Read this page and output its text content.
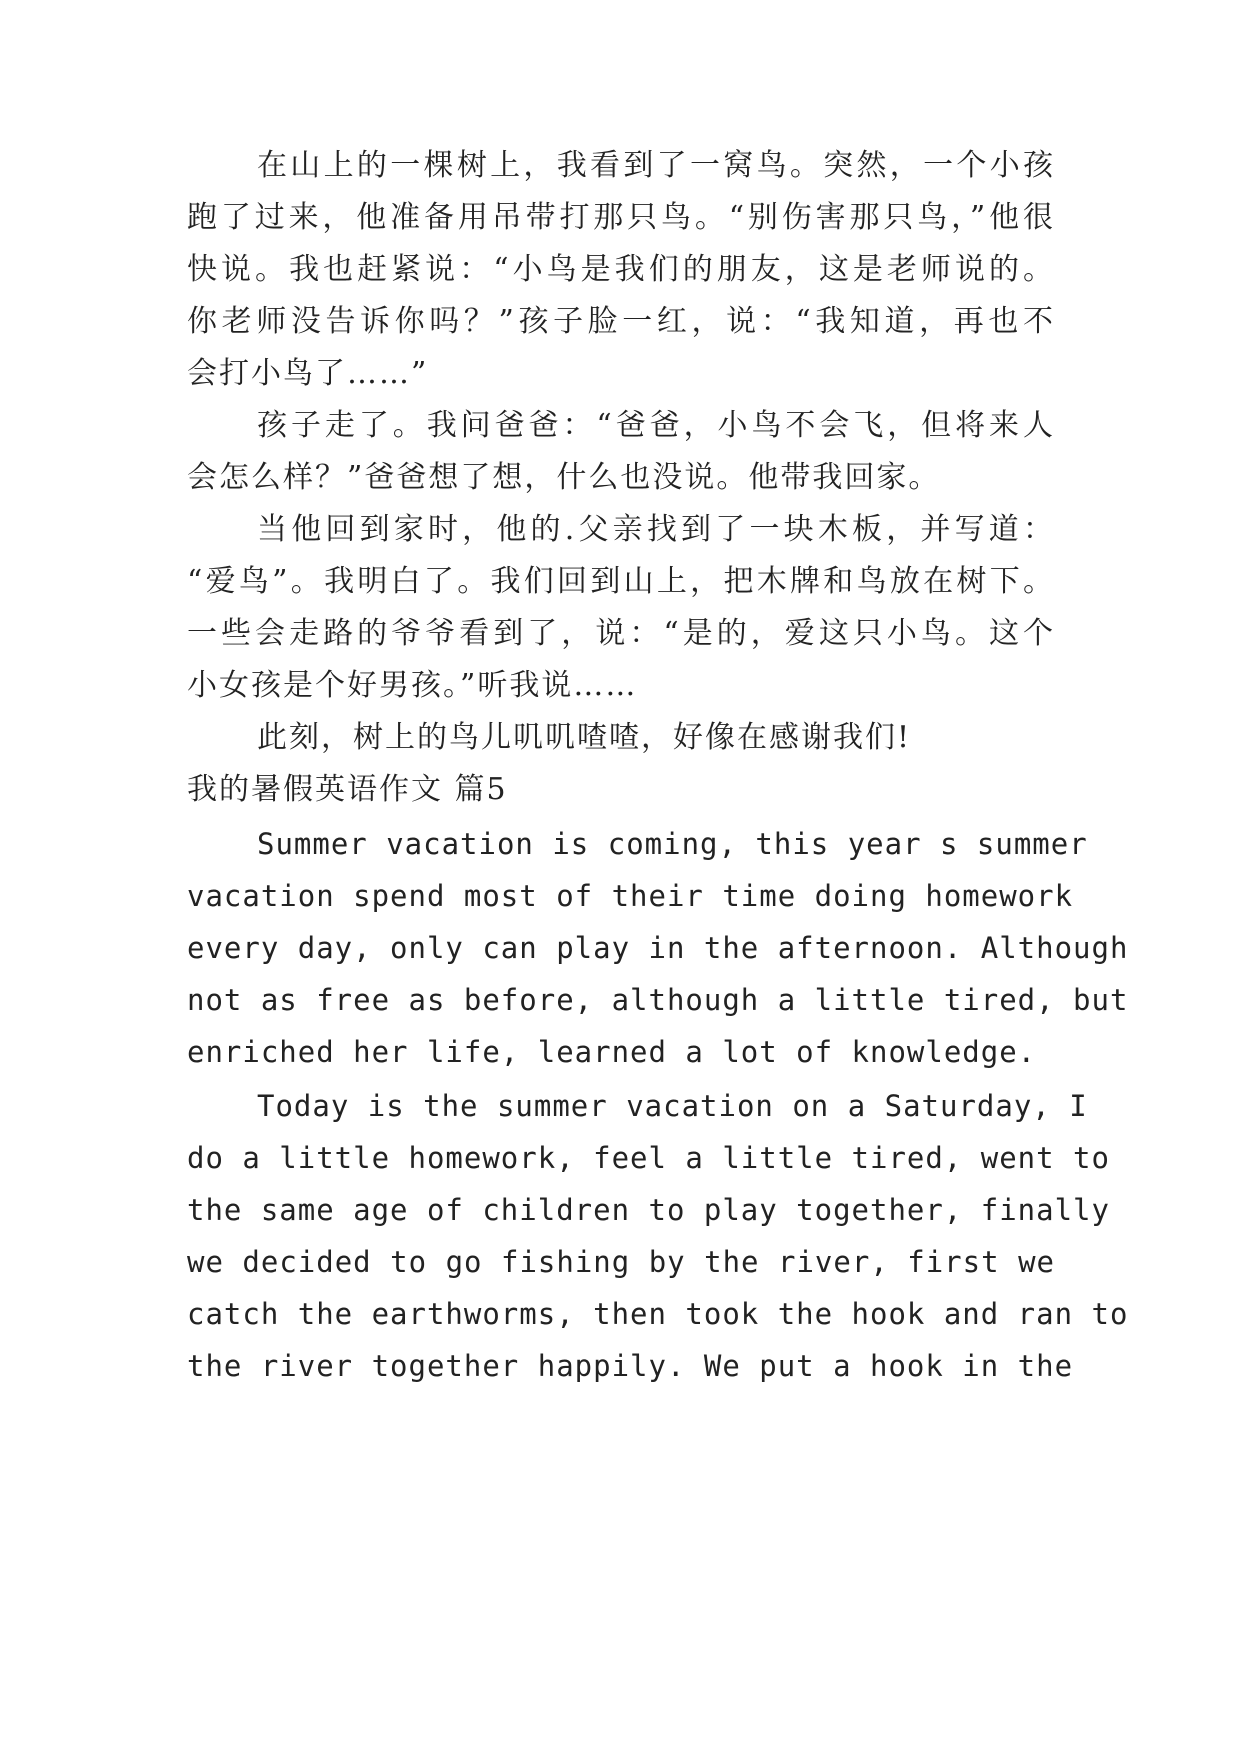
在山上的一棵树上，我看到了一窝鸟。突然，一个小孩
跑了过来，他准备用吊带打那只鸟。“别伤害那只鸟，”他很
快说。我也赶紧说：“小鸟是我们的朋友，这是老师说的。
你老师没告诉你吗？”孩子脸一红，说：“我知道，再也不
会打小鸟了……”
孩子走了。我问爸爸：“爸爸，小鸟不会飞，但将来人
会怎么样？”爸爸想了想，什么也没说。他带我回家。
当他回到家时，他的.父亲找到了一块木板，并写道：
“爱鸟”。我明白了。我们回到山上，把木牌和鸟放在树下。
一些会走路的爷爷看到了，说：“是的，爱这只小鸟。这个
小女孩是个好男孩。”听我说……
此刻，树上的鸟儿叽叽喳喳，好像在感谢我们!
我的暑假英语作文 篇5
Summer vacation is coming, this year s summer
vacation spend most of their time doing homework
every day, only can play in the afternoon. Although
not as free as before, although a little tired, but
enriched her life, learned a lot of knowledge.
Today is the summer vacation on a Saturday, I
do a little homework, feel a little tired, went to
the same age of children to play together, finally
we decided to go fishing by the river, first we
catch the earthworms, then took the hook and ran to
the river together happily. We put a hook in the
